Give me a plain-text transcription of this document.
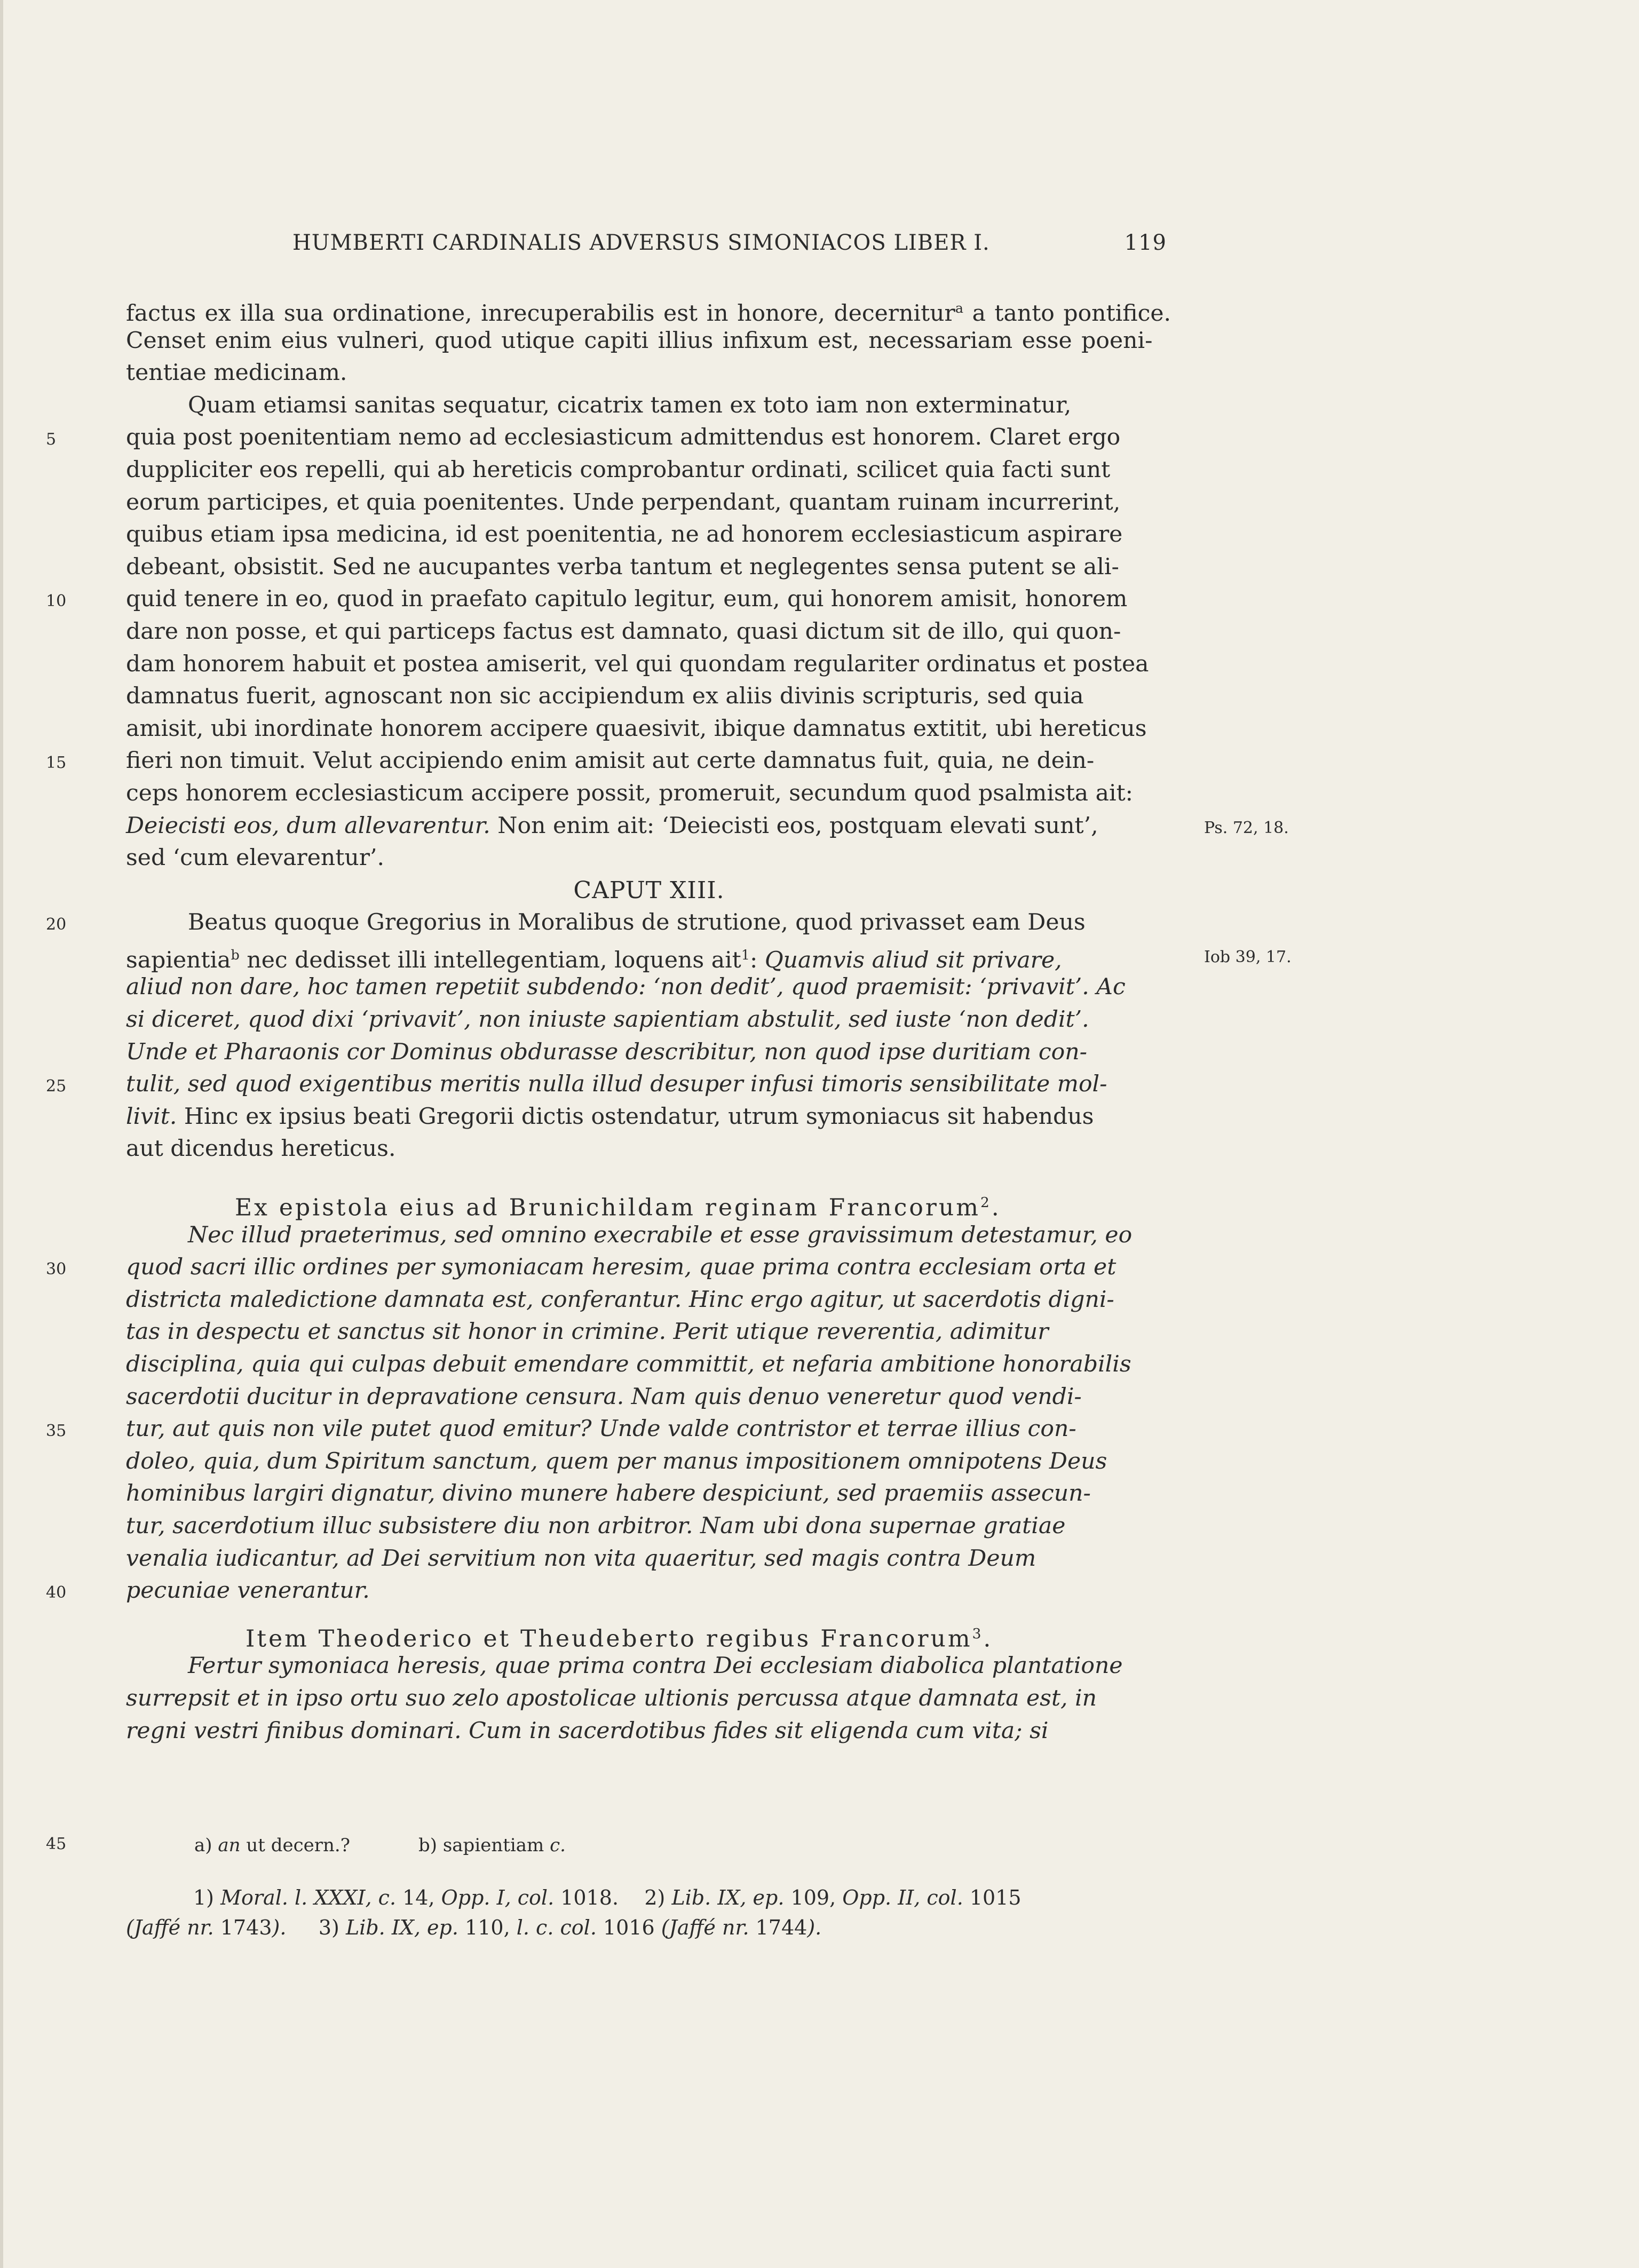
HUMBERTI CARDINALIS ADVERSUS SIMONIACOS LIBER I.	119
factus ex illa sua ordinatione, inrecuperabilis est in honore, decernitur$^a$ a tanto pontifice.
Censet enim eius vulneri, quod utique capiti illius infixum est, necessariam esse poeni-
tentiae medicinam.
Quam etiamsi sanitas sequatur, cicatrix tamen ex toto iam non exterminatur,
5	quia post poenitentiam nemo ad ecclesiasticum admittendus est honorem. Claret ergo
duppliciter eos repelli, qui ab hereticis comprobantur ordinati, scilicet quia facti sunt
eorum participes, et quia poenitentes. Unde perpendant, quantam ruinam incurrerint,
quibus etiam ipsa medicina, id est poenitentia, ne ad honorem ecclesiasticum aspirare
debeant, obsistit. Sed ne aucupantes verba tantum et neglegentes sensa putent se ali-
10	quid tenere in eo, quod in praefato capitulo legitur, eum, qui honorem amisit, honorem
dare non posse, et qui particeps factus est damnato, quasi dictum sit de illo, qui quon-
dam honorem habuit et postea amiserit, vel qui quondam regulariter ordinatus et postea
damnatus fuerit, agnoscant non sic accipiendum ex aliis divinis scripturis, sed quia
amisit, ubi inordinate honorem accipere quaesivit, ibique damnatus extitit, ubi hereticus
15	fieri non timuit. Velut accipiendo enim amisit aut certe damnatus fuit, quia, ne dein-
ceps honorem ecclesiasticum accipere possit, promeruit, secundum quod psalmista ait:
Deiecisti eos, dum allevarentur. Non enim ait: ‘Deiecisti eos, postquam elevati sunt’,	Ps. 72, 18.
sed ‘cum elevarentur’.
CAPUT XIII.
20	Beatus quoque Gregorius in Moralibus de strutione, quod privasset eam Deus
sapientia$^b$ nec dedisset illi intellegentiam, loquens ait$^1$: Quamvis aliud sit privare,	Iob 39, 17.
aliud non dare, hoc tamen repetiit subdendo: ‘non dedit’, quod praemisit: ‘privavit’. Ac
si diceret, quod dixi ‘privavit’, non iniuste sapientiam abstulit, sed iuste ‘non dedit’.
Unde et Pharaonis cor Dominus obdurasse describitur, non quod ipse duritiam con-
25	tulit, sed quod exigentibus meritis nulla illud desuper infusi timoris sensibilitate mol-
livit. Hinc ex ipsius beati Gregorii dictis ostendatur, utrum symoniacus sit habendus
aut dicendus hereticus.
Ex epistola eius ad Brunichildam reginam Francorum$^2$.
Nec illud praeterimus, sed omnino execrabile et esse gravissimum detestamur, eo
30	quod sacri illic ordines per symoniacam heresim, quae prima contra ecclesiam orta et
districta maledictione damnata est, conferantur. Hinc ergo agitur, ut sacerdotis digni-
tas in despectu et sanctus sit honor in crimine. Perit utique reverentia, adimitur
disciplina, quia qui culpas debuit emendare committit, et nefaria ambitione honorabilis
sacerdotii ducitur in depravatione censura. Nam quis denuo veneretur quod vendi-
35	tur, aut quis non vile putet quod emitur? Unde valde contristor et terrae illius con-
doleo, quia, dum Spiritum sanctum, quem per manus impositionem omnipotens Deus
hominibus largiri dignatur, divino munere habere despiciunt, sed praemiis assecun-
tur, sacerdotium illuc subsistere diu non arbitror. Nam ubi dona supernae gratiae
venalia iudicantur, ad Dei servitium non vita quaeritur, sed magis contra Deum
40	pecuniae venerantur.
Item Theoderico et Theudeberto regibus Francorum$^3$.
Fertur symoniaca heresis, quae prima contra Dei ecclesiam diabolica plantatione
surrepsit et in ipso ortu suo zelo apostolicae ultionis percussa atque damnata est, in
regni vestri finibus dominari. Cum in sacerdotibus fides sit eligenda cum vita; si
45	a) an ut decern.?	b) sapientiam c.
1) Moral. l. XXXI, c. 14, Opp. I, col. 1018. 2) Lib. IX, ep. 109, Opp. II, col. 1015
(Jaffé nr. 1743). 3) Lib. IX, ep. 110, l. c. col. 1016 (Jaffé nr. 1744).
